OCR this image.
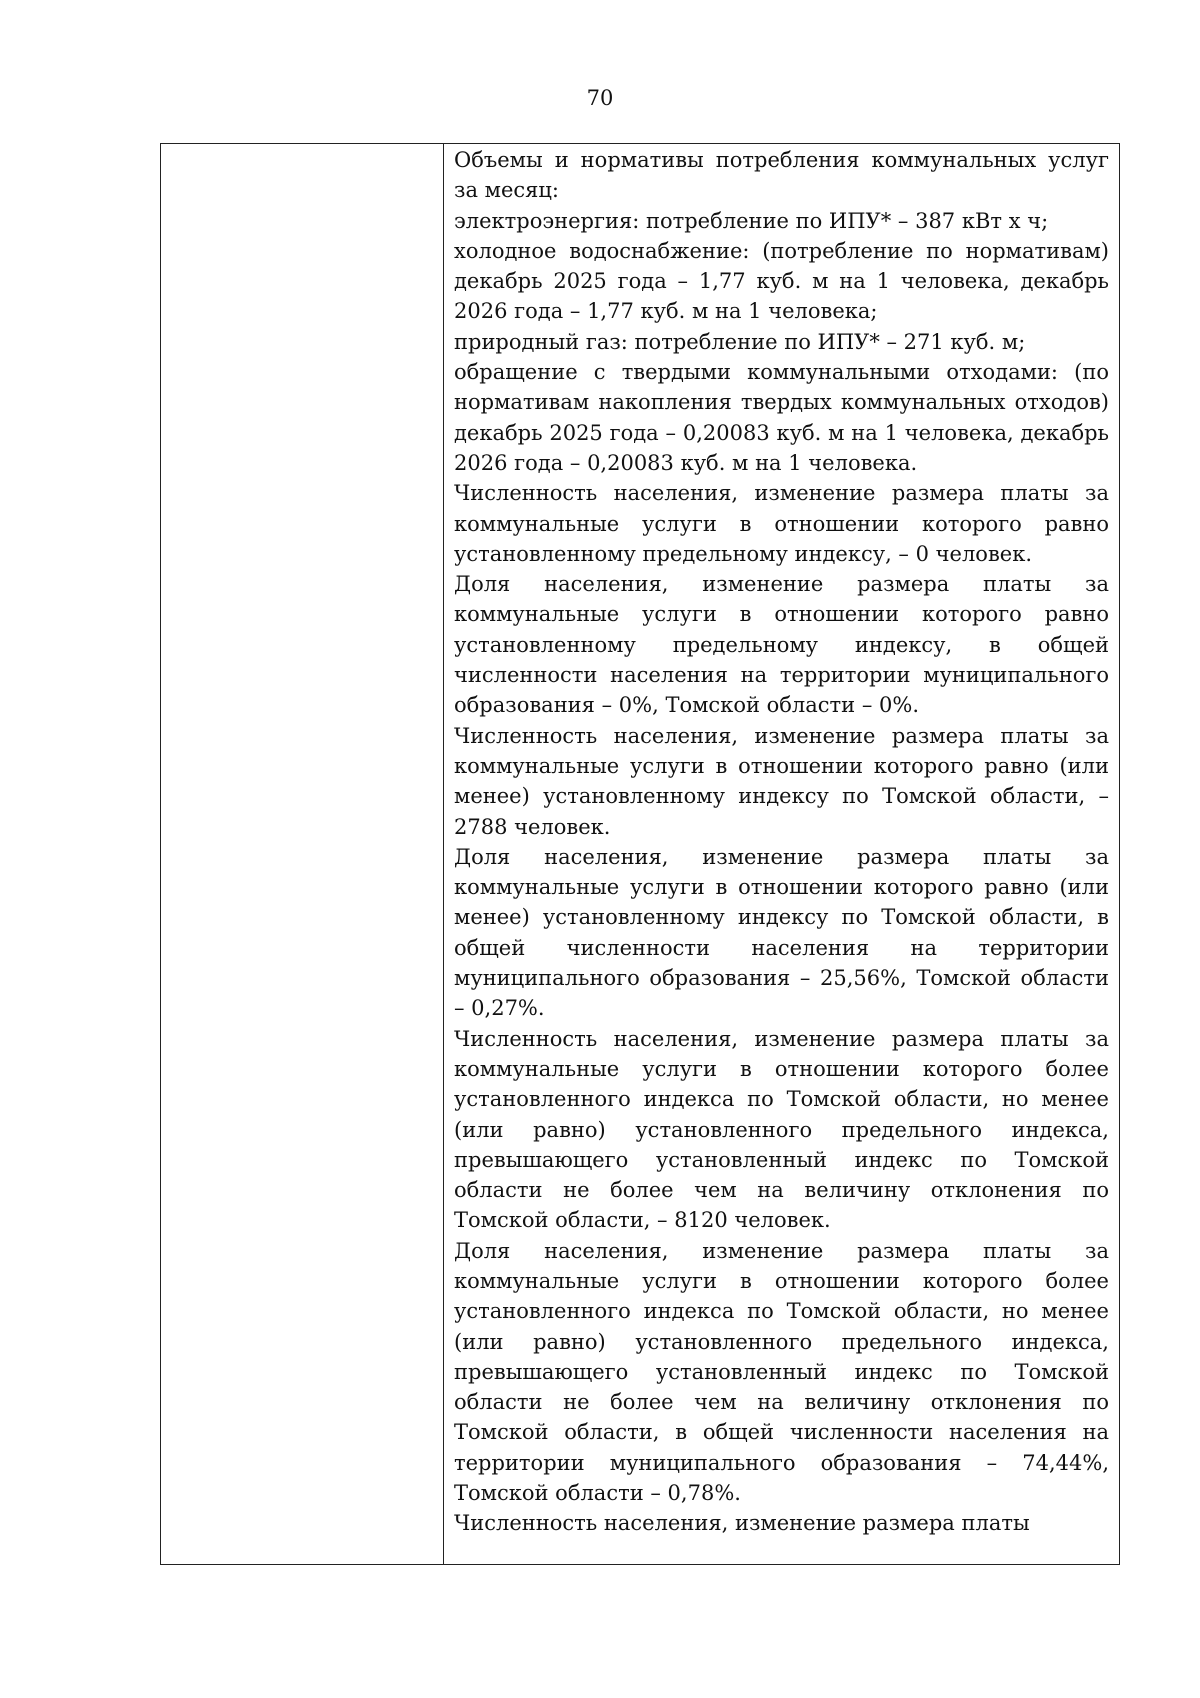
70

Объемы и нормативы потребления коммунальных услуг за месяц:

электроэнергия: потребление по ИПУ* – 387 кВт х ч;

холодное водоснабжение: (потребление по нормативам) декабрь 2025 года – 1,77 куб. м на 1 человека, декабрь 2026 года – 1,77 куб. м на 1 человека;

природный газ: потребление по ИПУ* – 271 куб. м;

обращение с твердыми коммунальными отходами: (по нормативам накопления твердых коммунальных отходов) декабрь 2025 года – 0,20083 куб. м на 1 человека, декабрь 2026 года – 0,20083 куб. м на 1 человека.

Численность населения, изменение размера платы за коммунальные услуги в отношении которого равно установленному предельному индексу, – 0 человек.

Доля населения, изменение размера платы за коммунальные услуги в отношении которого равно установленному предельному индексу, в общей численности населения на территории муниципального образования – 0%, Томской области – 0%.

Численность населения, изменение размера платы за коммунальные услуги в отношении которого равно (или менее) установленному индексу по Томской области, – 2788 человек.

Доля населения, изменение размера платы за коммунальные услуги в отношении которого равно (или менее) установленному индексу по Томской области, в общей численности населения на территории муниципального образования – 25,56%, Томской области – 0,27%.

Численность населения, изменение размера платы за коммунальные услуги в отношении которого более установленного индекса по Томской области, но менее (или равно) установленного предельного индекса, превышающего установленный индекс по Томской области не более чем на величину отклонения по Томской области, – 8120 человек.

Доля населения, изменение размера платы за коммунальные услуги в отношении которого более установленного индекса по Томской области, но менее (или равно) установленного предельного индекса, превышающего установленный индекс по Томской области не более чем на величину отклонения по Томской области, в общей численности населения на территории муниципального образования – 74,44%, Томской области – 0,78%.

Численность населения, изменение размера платы
